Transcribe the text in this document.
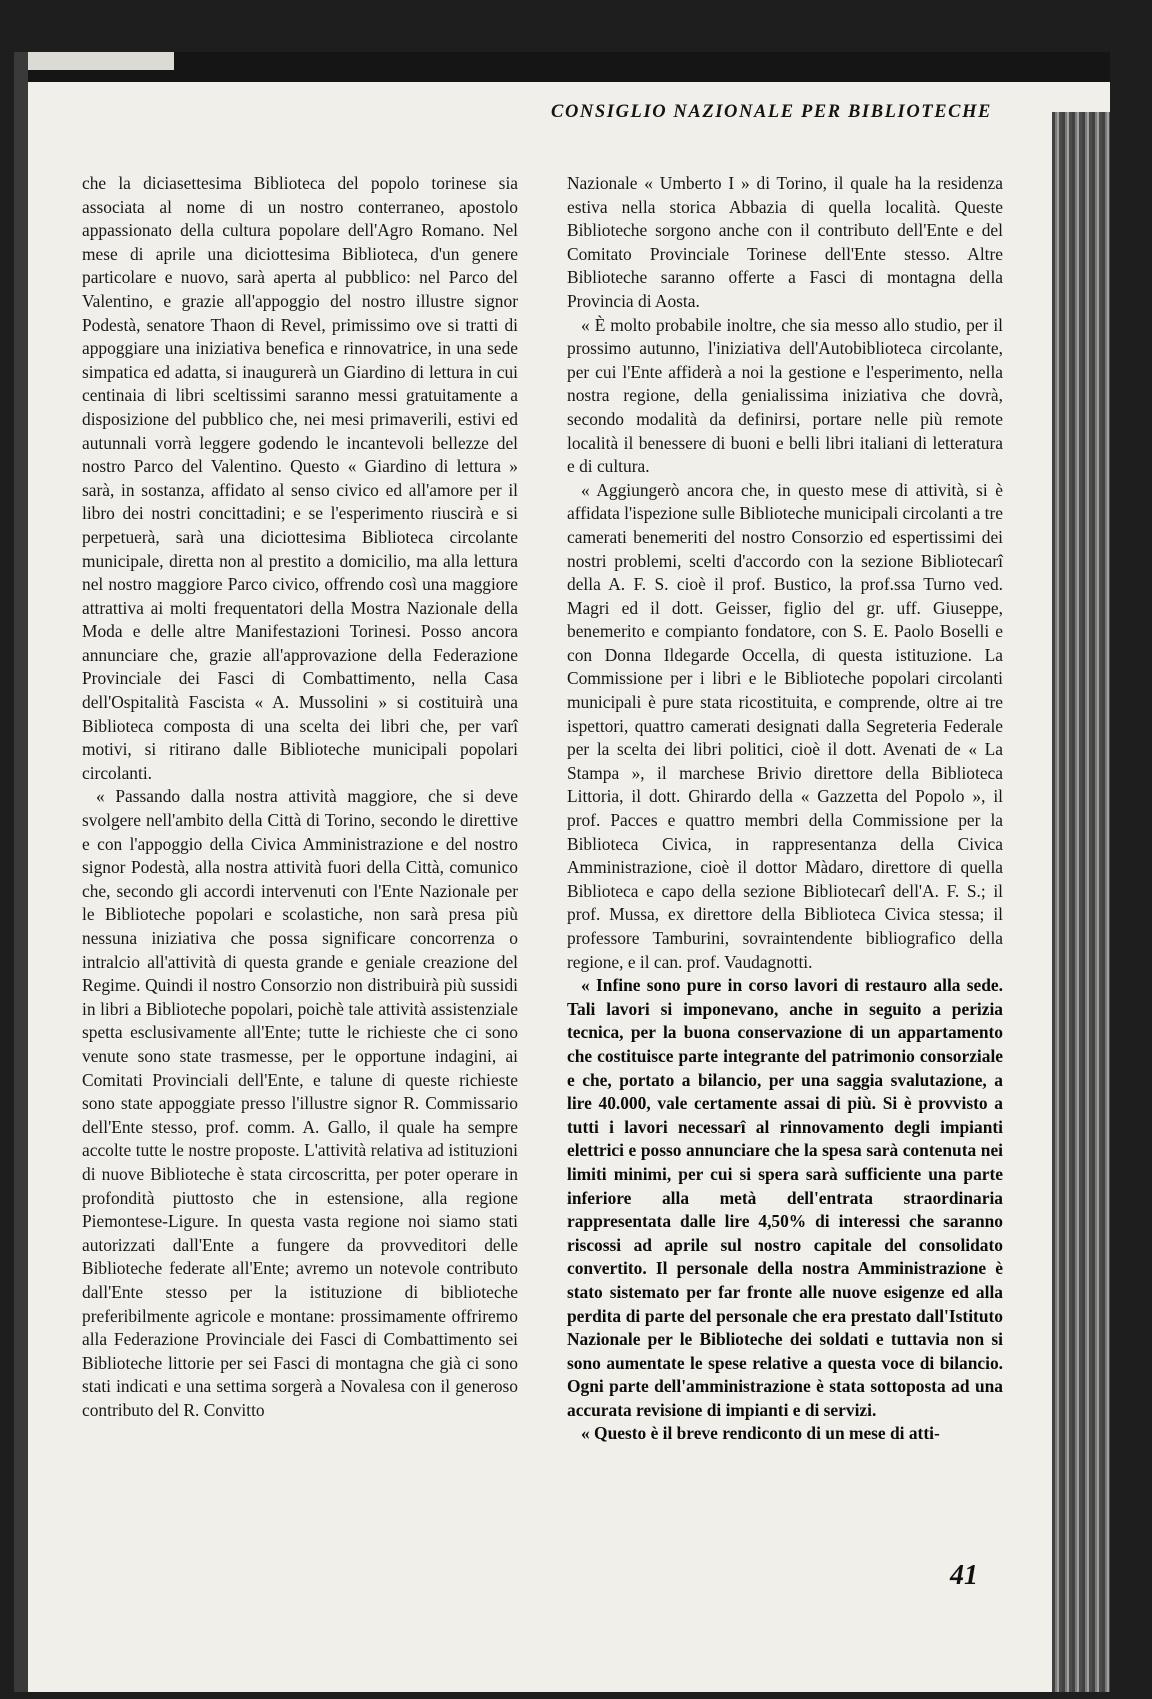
CONSIGLIO NAZIONALE PER BIBLIOTECHE

che la diciasettesima Biblioteca del popolo torinese sia associata al nome di un nostro conterraneo, apostolo appassionato della cultura popolare dell'Agro Romano. Nel mese di aprile una diciottesima Biblioteca, d'un genere particolare e nuovo, sarà aperta al pubblico: nel Parco del Valentino, e grazie all'appoggio del nostro illustre signor Podestà, senatore Thaon di Revel, primissimo ove si tratti di appoggiare una iniziativa benefica e rinnovatrice, in una sede simpatica ed adatta, si inaugurerà un Giardino di lettura in cui centinaia di libri sceltissimi saranno messi gratuitamente a disposizione del pubblico che, nei mesi primaverili, estivi ed autunnali vorrà leggere godendo le incantevoli bellezze del nostro Parco del Valentino. Questo « Giardino di lettura » sarà, in sostanza, affidato al senso civico ed all'amore per il libro dei nostri concittadini; e se l'esperimento riuscirà e si perpetuerà, sarà una diciottesima Biblioteca circolante municipale, diretta non al prestito a domicilio, ma alla lettura nel nostro maggiore Parco civico, offrendo così una maggiore attrattiva ai molti frequentatori della Mostra Nazionale della Moda e delle altre Manifestazioni Torinesi. Posso ancora annunciare che, grazie all'approvazione della Federazione Provinciale dei Fasci di Combattimento, nella Casa dell'Ospitalità Fascista « A. Mussolini » si costituirà una Biblioteca composta di una scelta dei libri che, per varî motivi, si ritirano dalle Biblioteche municipali popolari circolanti.

« Passando dalla nostra attività maggiore, che si deve svolgere nell'ambito della Città di Torino, secondo le direttive e con l'appoggio della Civica Amministrazione e del nostro signor Podestà, alla nostra attività fuori della Città, comunico che, secondo gli accordi intervenuti con l'Ente Nazionale per le Biblioteche popolari e scolastiche, non sarà presa più nessuna iniziativa che possa significare concorrenza o intralcio all'attività di questa grande e geniale creazione del Regime. Quindi il nostro Consorzio non distribuirà più sussidi in libri a Biblioteche popolari, poichè tale attività assistenziale spetta esclusivamente all'Ente; tutte le richieste che ci sono venute sono state trasmesse, per le opportune indagini, ai Comitati Provinciali dell'Ente, e talune di queste richieste sono state appoggiate presso l'illustre signor R. Commissario dell'Ente stesso, prof. comm. A. Gallo, il quale ha sempre accolte tutte le nostre proposte. L'attività relativa ad istituzioni di nuove Biblioteche è stata circoscritta, per poter operare in profondità piuttosto che in estensione, alla regione Piemontese-Ligure. In questa vasta regione noi siamo stati autorizzati dall'Ente a fungere da provveditori delle Biblioteche federate all'Ente; avremo un notevole contributo dall'Ente stesso per la istituzione di biblioteche preferibilmente agricole e montane: prossimamente offriremo alla Federazione Provinciale dei Fasci di Combattimento sei Biblioteche littorie per sei Fasci di montagna che già ci sono stati indicati e una settima sorgerà a Novalesa con il generoso contributo del R. Convitto

Nazionale « Umberto I » di Torino, il quale ha la residenza estiva nella storica Abbazia di quella località. Queste Biblioteche sorgono anche con il contributo dell'Ente e del Comitato Provinciale Torinese dell'Ente stesso. Altre Biblioteche saranno offerte a Fasci di montagna della Provincia di Aosta.

« È molto probabile inoltre, che sia messo allo studio, per il prossimo autunno, l'iniziativa dell'Autobiblioteca circolante, per cui l'Ente affiderà a noi la gestione e l'esperimento, nella nostra regione, della genialissima iniziativa che dovrà, secondo modalità da definirsi, portare nelle più remote località il benessere di buoni e belli libri italiani di letteratura e di cultura.

« Aggiungerò ancora che, in questo mese di attività, si è affidata l'ispezione sulle Biblioteche municipali circolanti a tre camerati benemeriti del nostro Consorzio ed espertissimi dei nostri problemi, scelti d'accordo con la sezione Bibliotecarî della A. F. S. cioè il prof. Bustico, la prof.ssa Turno ved. Magri ed il dott. Geisser, figlio del gr. uff. Giuseppe, benemerito e compianto fondatore, con S. E. Paolo Boselli e con Donna Ildegarde Occella, di questa istituzione. La Commissione per i libri e le Biblioteche popolari circolanti municipali è pure stata ricostituita, e comprende, oltre ai tre ispettori, quattro camerati designati dalla Segreteria Federale per la scelta dei libri politici, cioè il dott. Avenati de « La Stampa », il marchese Brivio direttore della Biblioteca Littoria, il dott. Ghirardo della « Gazzetta del Popolo », il prof. Pacces e quattro membri della Commissione per la Biblioteca Civica, in rappresentanza della Civica Amministrazione, cioè il dottor Màdaro, direttore di quella Biblioteca e capo della sezione Bibliotecarî dell'A. F. S.; il prof. Mussa, ex direttore della Biblioteca Civica stessa; il professore Tamburini, sovraintendente bibliografico della regione, e il can. prof. Vaudagnotti.

« Infine sono pure in corso lavori di restauro alla sede. Tali lavori si imponevano, anche in seguito a perizia tecnica, per la buona conservazione di un appartamento che costituisce parte integrante del patrimonio consorziale e che, portato a bilancio, per una saggia svalutazione, a lire 40.000, vale certamente assai di più. Si è provvisto a tutti i lavori necessarî al rinnovamento degli impianti elettrici e posso annunciare che la spesa sarà contenuta nei limiti minimi, per cui si spera sarà sufficiente una parte inferiore alla metà dell'entrata straordinaria rappresentata dalle lire 4,50% di interessi che saranno riscossi ad aprile sul nostro capitale del consolidato convertito. Il personale della nostra Amministrazione è stato sistemato per far fronte alle nuove esigenze ed alla perdita di parte del personale che era prestato dall'Istituto Nazionale per le Biblioteche dei soldati e tuttavia non si sono aumentate le spese relative a questa voce di bilancio. Ogni parte dell'amministrazione è stata sottoposta ad una accurata revisione di impianti e di servizi.

« Questo è il breve rendiconto di un mese di atti-

41
